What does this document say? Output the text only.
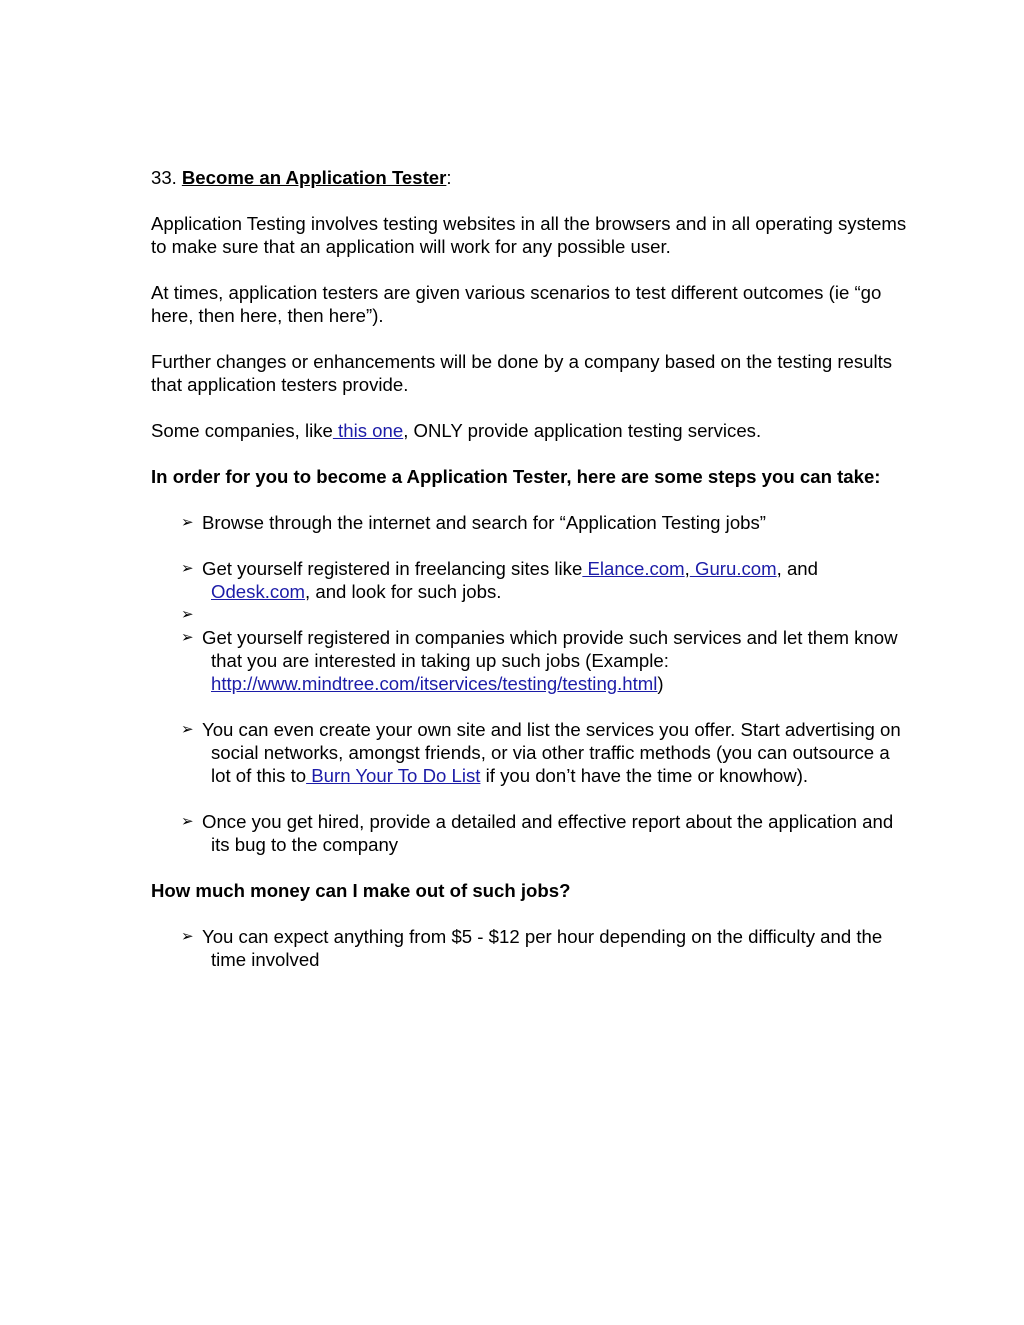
33. Become an Application Tester:

Application Testing involves testing websites in all the browsers and in all operating systems to make sure that an application will work for any possible user.

At times, application testers are given various scenarios to test different outcomes (ie “go here, then here, then here”).

Further changes or enhancements will be done by a company based on the testing results that application testers provide.

Some companies, like this one, ONLY provide application testing services.

In order for you to become a Application Tester, here are some steps you can take:

➢ Browse through the internet and search for “Application Testing jobs”
➢ Get yourself registered in freelancing sites like Elance.com, Guru.com, and
Odesk.com, and look for such jobs.
➢

➢ Get yourself registered in companies which provide such services and let them know that you are interested in taking up such jobs (Example: http://www.mindtree.com/itservices/testing/testing.html)
➢ You can even create your own site and list the services you offer. Start advertising on social networks, amongst friends, or via other traffic methods (you can outsource a lot of this to Burn Your To Do List if you don’t have the time or knowhow).
➢ Once you get hired, provide a detailed and effective report about the application and its bug to the company

How much money can I make out of such jobs?

➢ You can expect anything from $5 - $12 per hour depending on the difficulty and the time involved
